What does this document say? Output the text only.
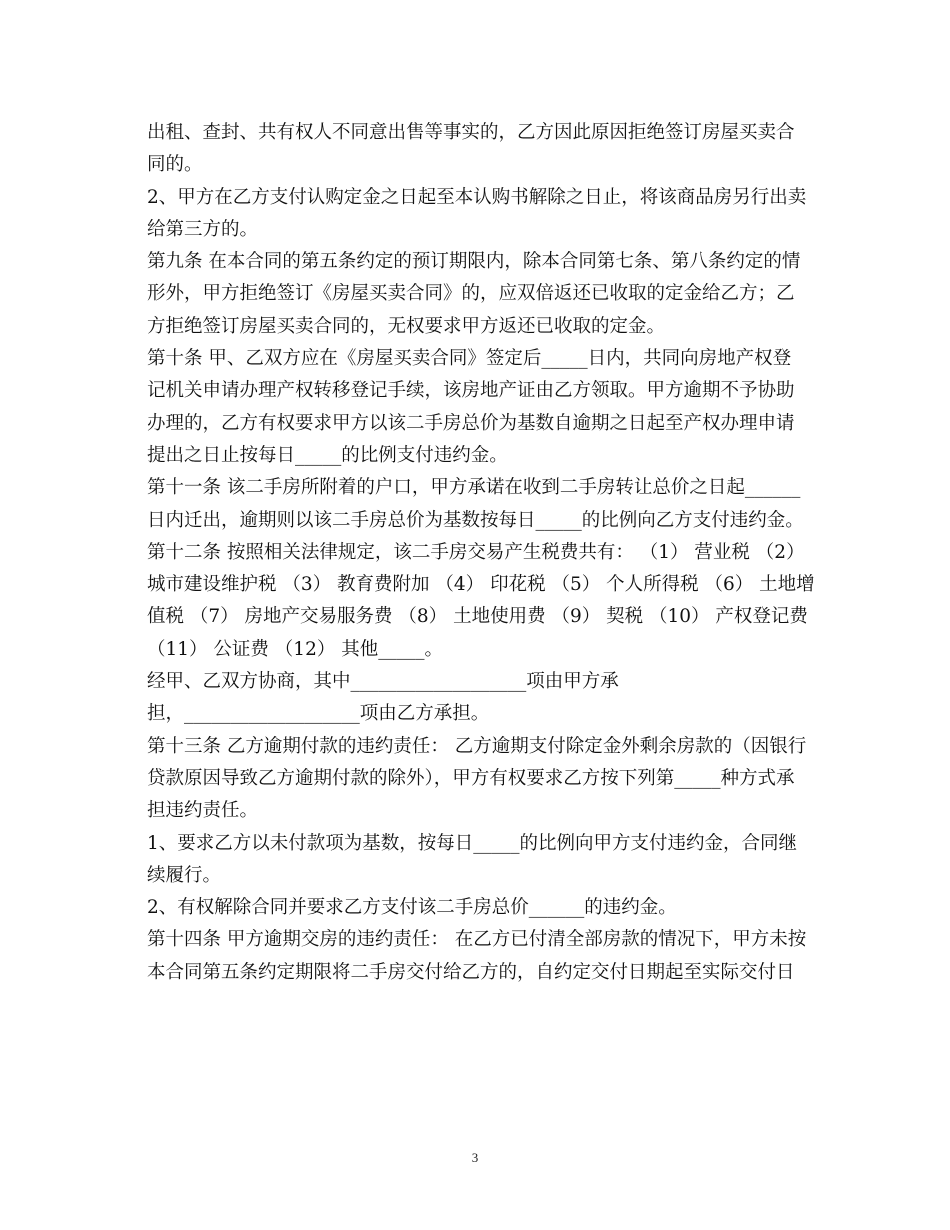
出租、查封、共有权人不同意出售等事实的，乙方因此原因拒绝签订房屋买卖合
同的。
2、甲方在乙方支付认购定金之日起至本认购书解除之日止，将该商品房另行出卖
给第三方的。
第九条 在本合同的第五条约定的预订期限内，除本合同第七条、第八条约定的情
形外，甲方拒绝签订《房屋买卖合同》的，应双倍返还已收取的定金给乙方；乙
方拒绝签订房屋买卖合同的，无权要求甲方返还已收取的定金。
第十条 甲、乙双方应在《房屋买卖合同》签定后_____日内，共同向房地产权登
记机关申请办理产权转移登记手续，该房地产证由乙方领取。甲方逾期不予协助
办理的，乙方有权要求甲方以该二手房总价为基数自逾期之日起至产权办理申请
提出之日止按每日_____的比例支付违约金。
第十一条 该二手房所附着的户口，甲方承诺在收到二手房转让总价之日起______
日内迁出，逾期则以该二手房总价为基数按每日_____的比例向乙方支付违约金。
第十二条 按照相关法律规定，该二手房交易产生税费共有： （1） 营业税 （2）
城市建设维护税 （3） 教育费附加 （4） 印花税 （5） 个人所得税 （6） 土地增
值税 （7） 房地产交易服务费 （8） 土地使用费 （9） 契税 （10） 产权登记费
（11） 公证费 （12） 其他_____。
经甲、乙双方协商，其中___________________项由甲方承
担，___________________项由乙方承担。
第十三条 乙方逾期付款的违约责任： 乙方逾期支付除定金外剩余房款的（因银行
贷款原因导致乙方逾期付款的除外），甲方有权要求乙方按下列第_____种方式承
担违约责任。
1、要求乙方以未付款项为基数，按每日_____的比例向甲方支付违约金，合同继
续履行。
2、有权解除合同并要求乙方支付该二手房总价______的违约金。
第十四条 甲方逾期交房的违约责任： 在乙方已付清全部房款的情况下，甲方未按
本合同第五条约定期限将二手房交付给乙方的，自约定交付日期起至实际交付日
3
